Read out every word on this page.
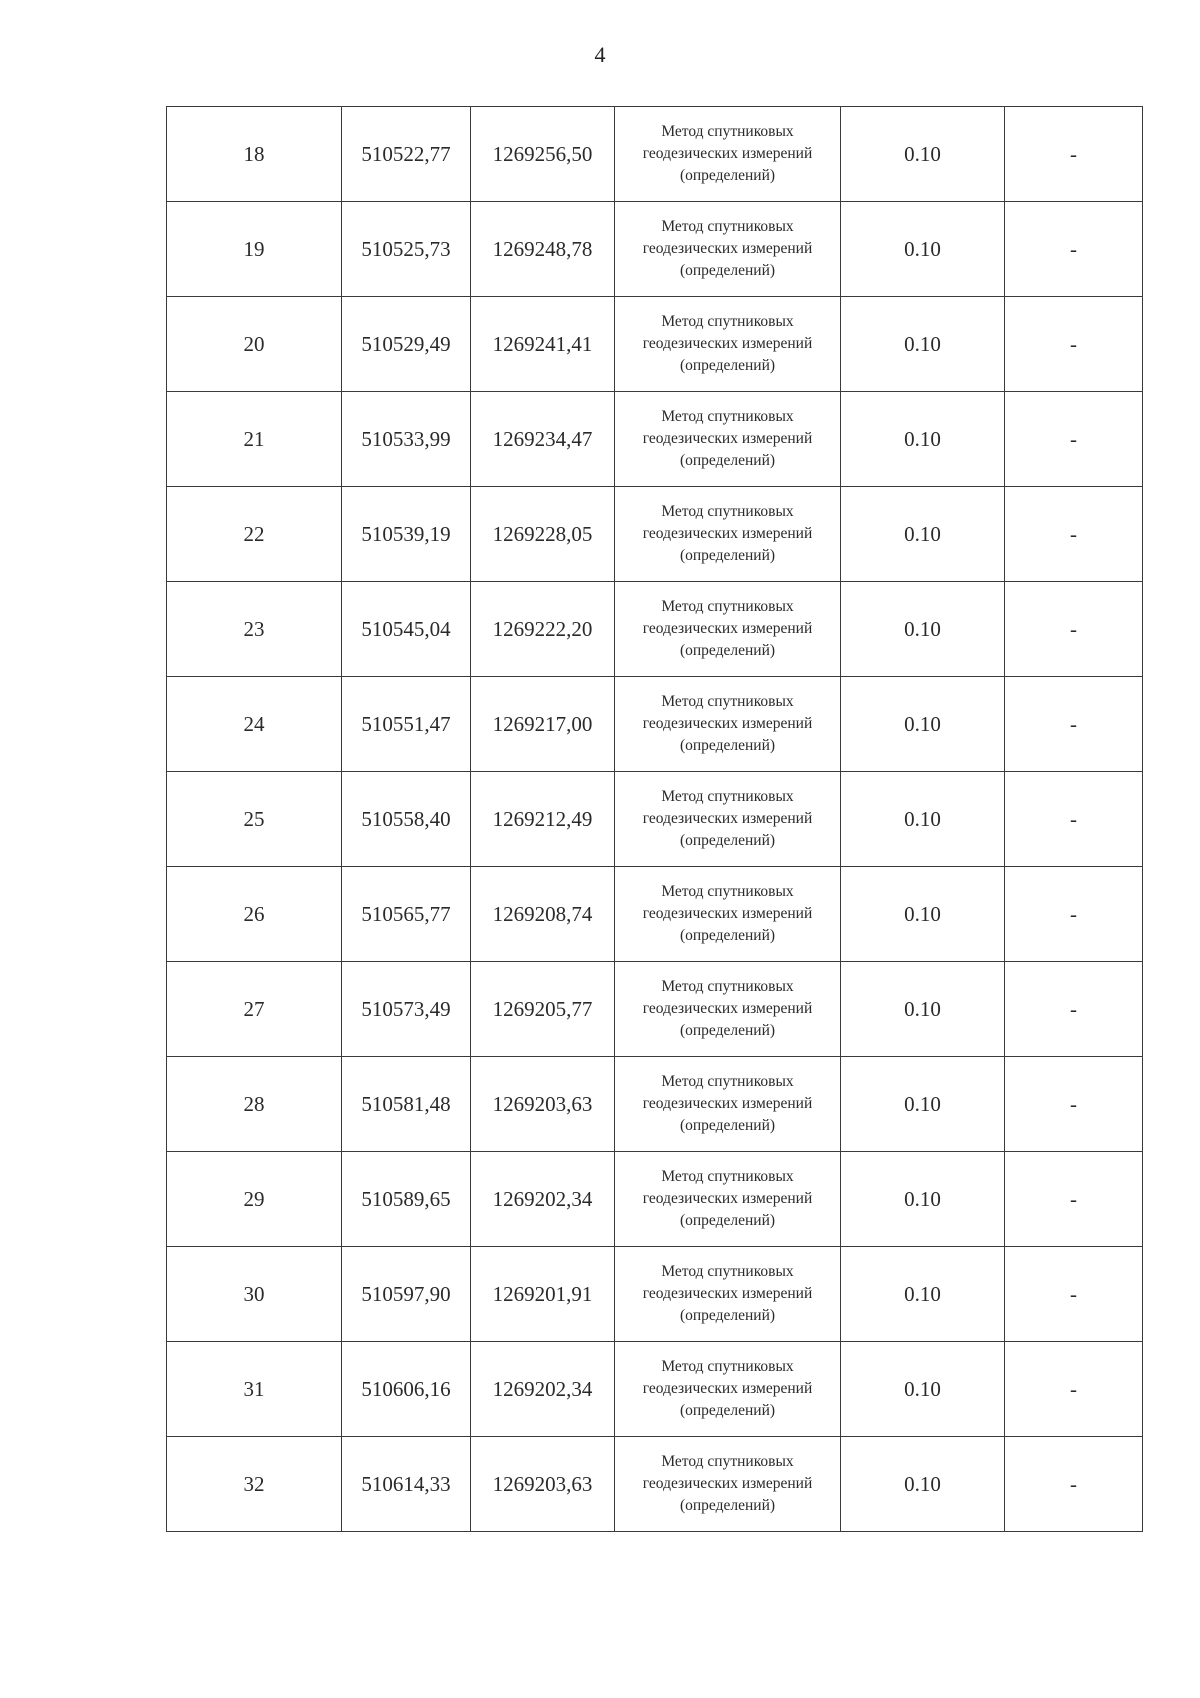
4
18	510522,77	1269256,50	Метод спутниковых
геодезических измерений
(определений)	0.10	-
19	510525,73	1269248,78	Метод спутниковых
геодезических измерений
(определений)	0.10	-
20	510529,49	1269241,41	Метод спутниковых
геодезических измерений
(определений)	0.10	-
21	510533,99	1269234,47	Метод спутниковых
геодезических измерений
(определений)	0.10	-
22	510539,19	1269228,05	Метод спутниковых
геодезических измерений
(определений)	0.10	-
23	510545,04	1269222,20	Метод спутниковых
геодезических измерений
(определений)	0.10	-
24	510551,47	1269217,00	Метод спутниковых
геодезических измерений
(определений)	0.10	-
25	510558,40	1269212,49	Метод спутниковых
геодезических измерений
(определений)	0.10	-
26	510565,77	1269208,74	Метод спутниковых
геодезических измерений
(определений)	0.10	-
27	510573,49	1269205,77	Метод спутниковых
геодезических измерений
(определений)	0.10	-
28	510581,48	1269203,63	Метод спутниковых
геодезических измерений
(определений)	0.10	-
29	510589,65	1269202,34	Метод спутниковых
геодезических измерений
(определений)	0.10	-
30	510597,90	1269201,91	Метод спутниковых
геодезических измерений
(определений)	0.10	-
31	510606,16	1269202,34	Метод спутниковых
геодезических измерений
(определений)	0.10	-
32	510614,33	1269203,63	Метод спутниковых
геодезических измерений
(определений)	0.10	-
